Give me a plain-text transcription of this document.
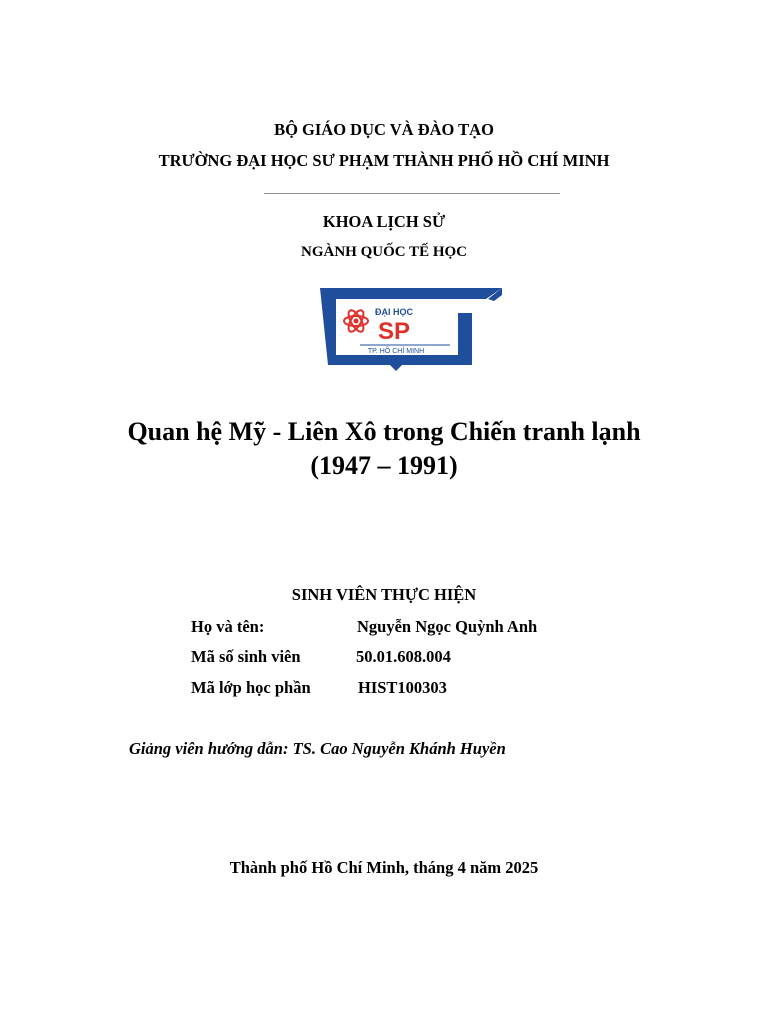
BỘ GIÁO DỤC VÀ ĐÀO TẠO
TRƯỜNG ĐẠI HỌC SƯ PHẠM THÀNH PHỐ HỒ CHÍ MINH
KHOA LỊCH SỬ
NGÀNH QUỐC TẾ HỌC
ĐẠI HỌC
SP
TP. HỒ CHÍ MINH
Quan hệ Mỹ - Liên Xô trong Chiến tranh lạnh
(1947 – 1991)
SINH VIÊN THỰC HIỆN
Họ và tên:	Nguyễn Ngọc Quỳnh Anh
Mã số sinh viên	50.01.608.004
Mã lớp học phần	HIST100303
Giảng viên hướng dẫn: TS. Cao Nguyễn Khánh Huyền
Thành phố Hồ Chí Minh, tháng 4 năm 2025
